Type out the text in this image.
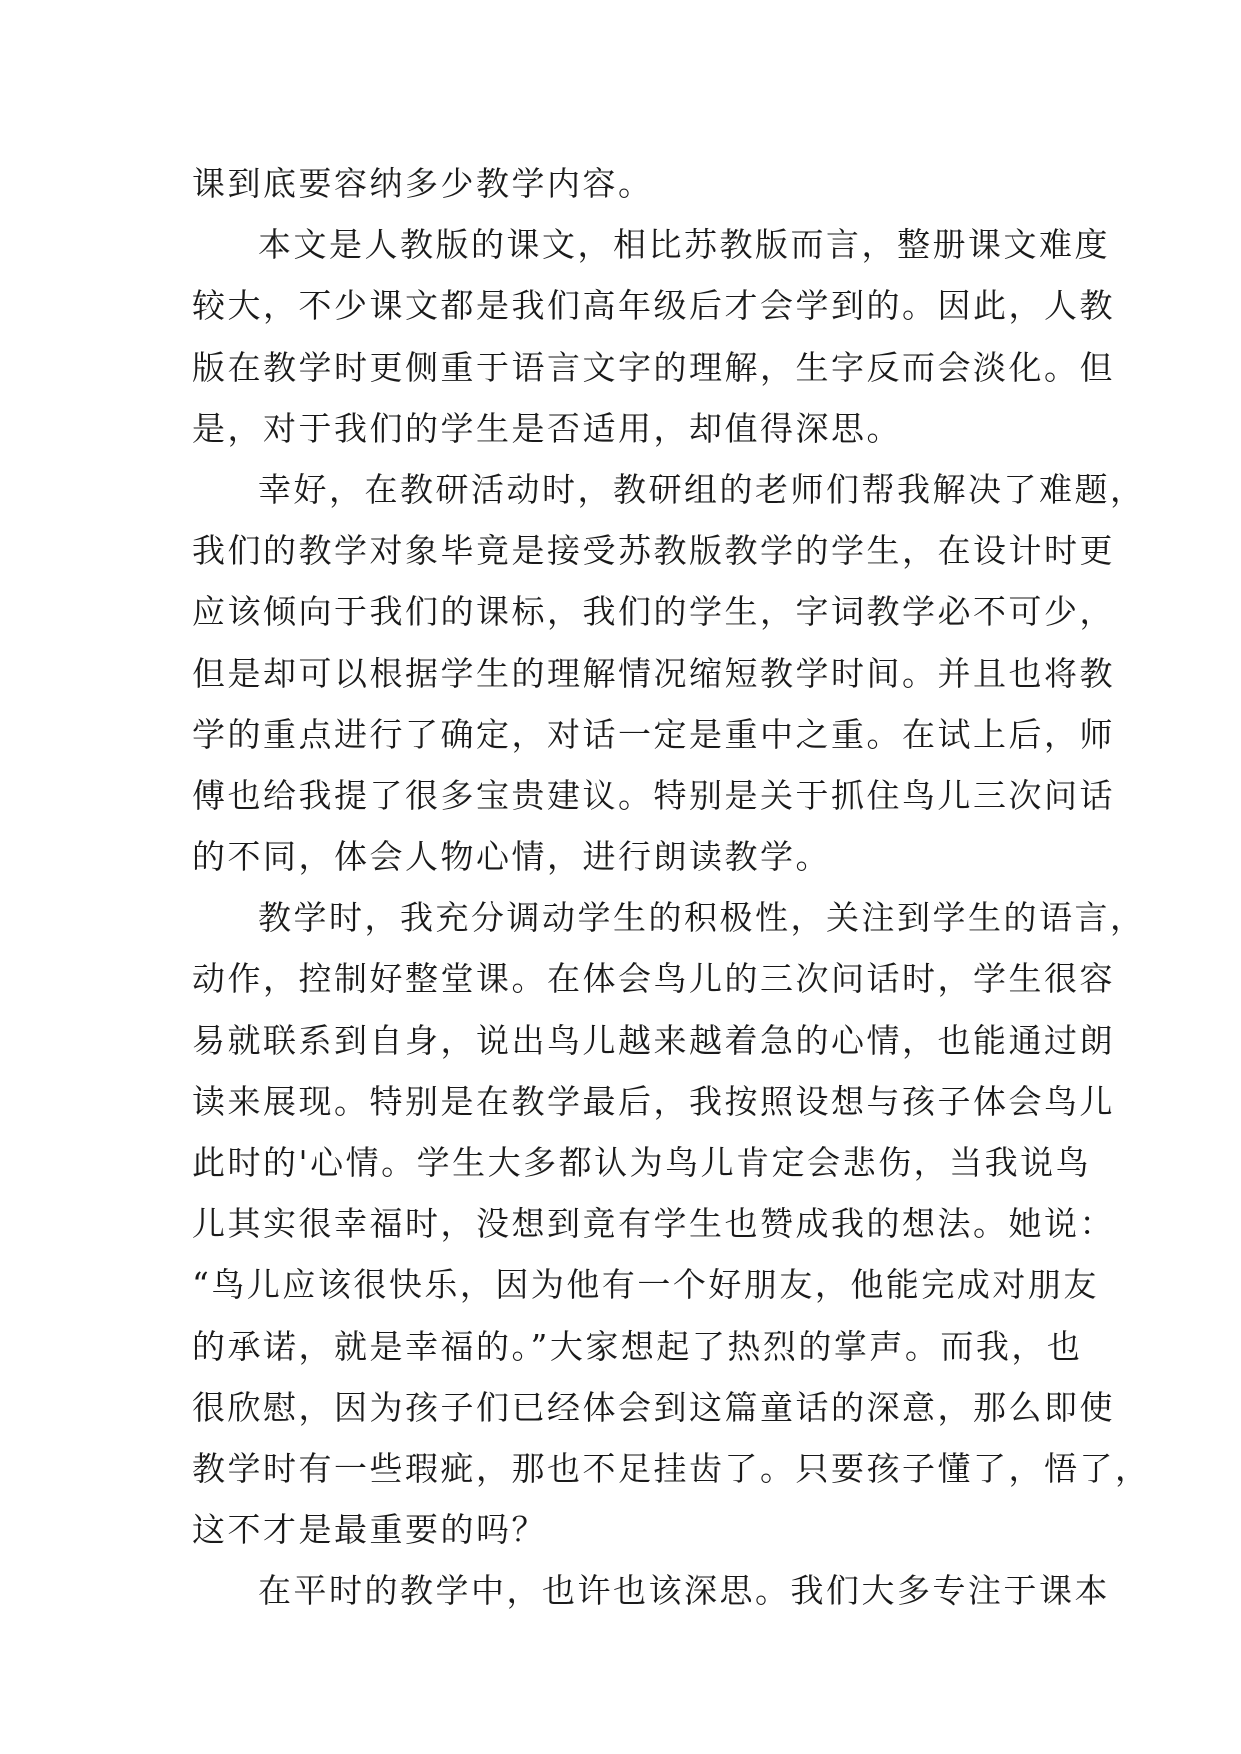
课到底要容纳多少教学内容。
本文是人教版的课文，相比苏教版而言，整册课文难度
较大，不少课文都是我们高年级后才会学到的。因此，人教
版在教学时更侧重于语言文字的理解，生字反而会淡化。但
是，对于我们的学生是否适用，却值得深思。
幸好，在教研活动时，教研组的老师们帮我解决了难题，
我们的教学对象毕竟是接受苏教版教学的学生，在设计时更
应该倾向于我们的课标，我们的学生，字词教学必不可少，
但是却可以根据学生的理解情况缩短教学时间。并且也将教
学的重点进行了确定，对话一定是重中之重。在试上后，师
傅也给我提了很多宝贵建议。特别是关于抓住鸟儿三次问话
的不同，体会人物心情，进行朗读教学。
教学时，我充分调动学生的积极性，关注到学生的语言，
动作，控制好整堂课。在体会鸟儿的三次问话时，学生很容
易就联系到自身，说出鸟儿越来越着急的心情，也能通过朗
读来展现。特别是在教学最后，我按照设想与孩子体会鸟儿
此时的'心情。学生大多都认为鸟儿肯定会悲伤，当我说鸟
儿其实很幸福时，没想到竟有学生也赞成我的想法。她说：
“鸟儿应该很快乐，因为他有一个好朋友，他能完成对朋友
的承诺，就是幸福的。”大家想起了热烈的掌声。而我，也
很欣慰，因为孩子们已经体会到这篇童话的深意，那么即使
教学时有一些瑕疵，那也不足挂齿了。只要孩子懂了，悟了，
这不才是最重要的吗？
在平时的教学中，也许也该深思。我们大多专注于课本
